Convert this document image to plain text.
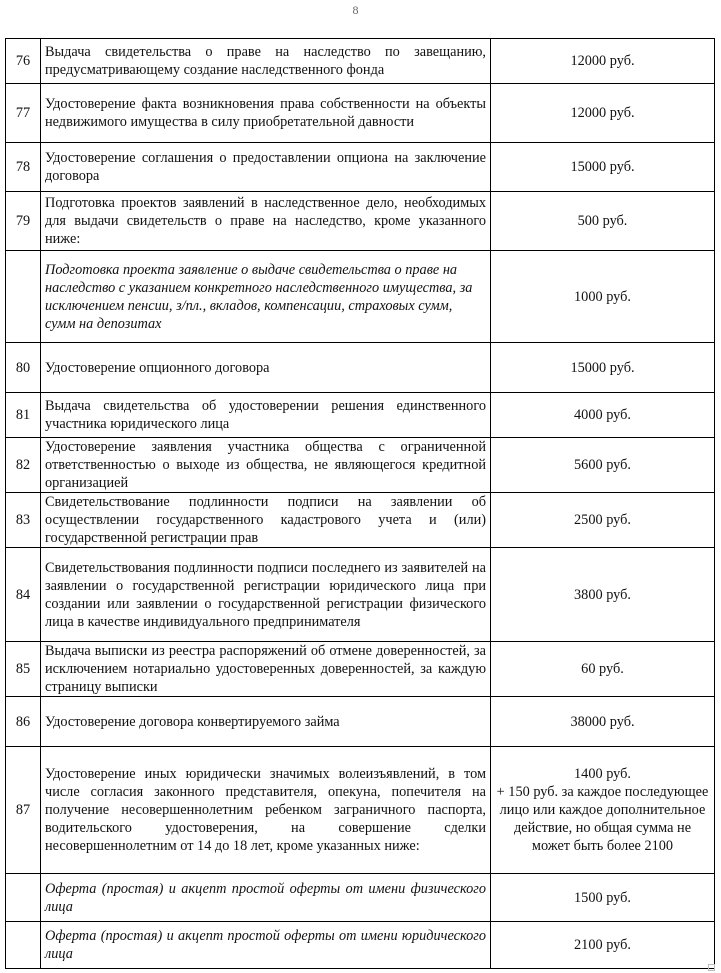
8
76	Выдача свидетельства о праве на наследство по завещанию, предусматривающему создание наследственного фонда	12000 руб.

77	Удостоверение факта возникновения права собственности на объекты недвижимого имущества в силу приобретательной давности	12000 руб.

78	Удостоверение соглашения о предоставлении опциона на заключение договора	15000 руб.

79	Подготовка проектов заявлений в наследственное дело, необходимых для выдачи свидетельств о праве на наследство, кроме указанного ниже:	500 руб.

	Подготовка проекта заявление о выдаче свидетельства о праве на наследство с указанием конкретного наследственного имущества, за исключением пенсии, з/пл., вкладов, компенсации, страховых сумм, сумм на депозитах	1000 руб.

80	Удостоверение опционного договора	15000 руб.

81	Выдача свидетельства об удостоверении решения единственного участника юридического лица	4000 руб.

82	Удостоверение заявления участника общества с ограниченной ответственностью о выходе из общества, не являющегося кредитной организацией	5600 руб.

83	Свидетельствование подлинности подписи на заявлении об осуществлении государственного кадастрового учета и (или) государственной регистрации прав	2500 руб.

84	Свидетельствования подлинности подписи последнего из заявителей на заявлении о государственной регистрации юридического лица при создании или заявлении о государственной регистрации физического лица в качестве индивидуального предпринимателя	3800 руб.

85	Выдача выписки из реестра распоряжений об отмене доверенностей, за исключением нотариально удостоверенных доверенностей, за каждую страницу выписки	60 руб.

86	Удостоверение договора конвертируемого займа	38000 руб.

87	Удостоверение иных юридически значимых волеизъявлений, в том числе согласия законного представителя, опекуна, попечителя на получение несовершеннолетним ребенком заграничного паспорта, водительского удостоверения, на совершение сделки несовершеннолетним от 14 до 18 лет, кроме указанных ниже:	1400 руб.
+ 150 руб. за каждое последующее лицо или каждое дополнительное действие, но общая сумма не может быть более 2100

	Оферта (простая) и акцепт простой оферты от имени физического лица	1500 руб.

	Оферта (простая) и акцепт простой оферты от имени юридического лица	2100 руб.
